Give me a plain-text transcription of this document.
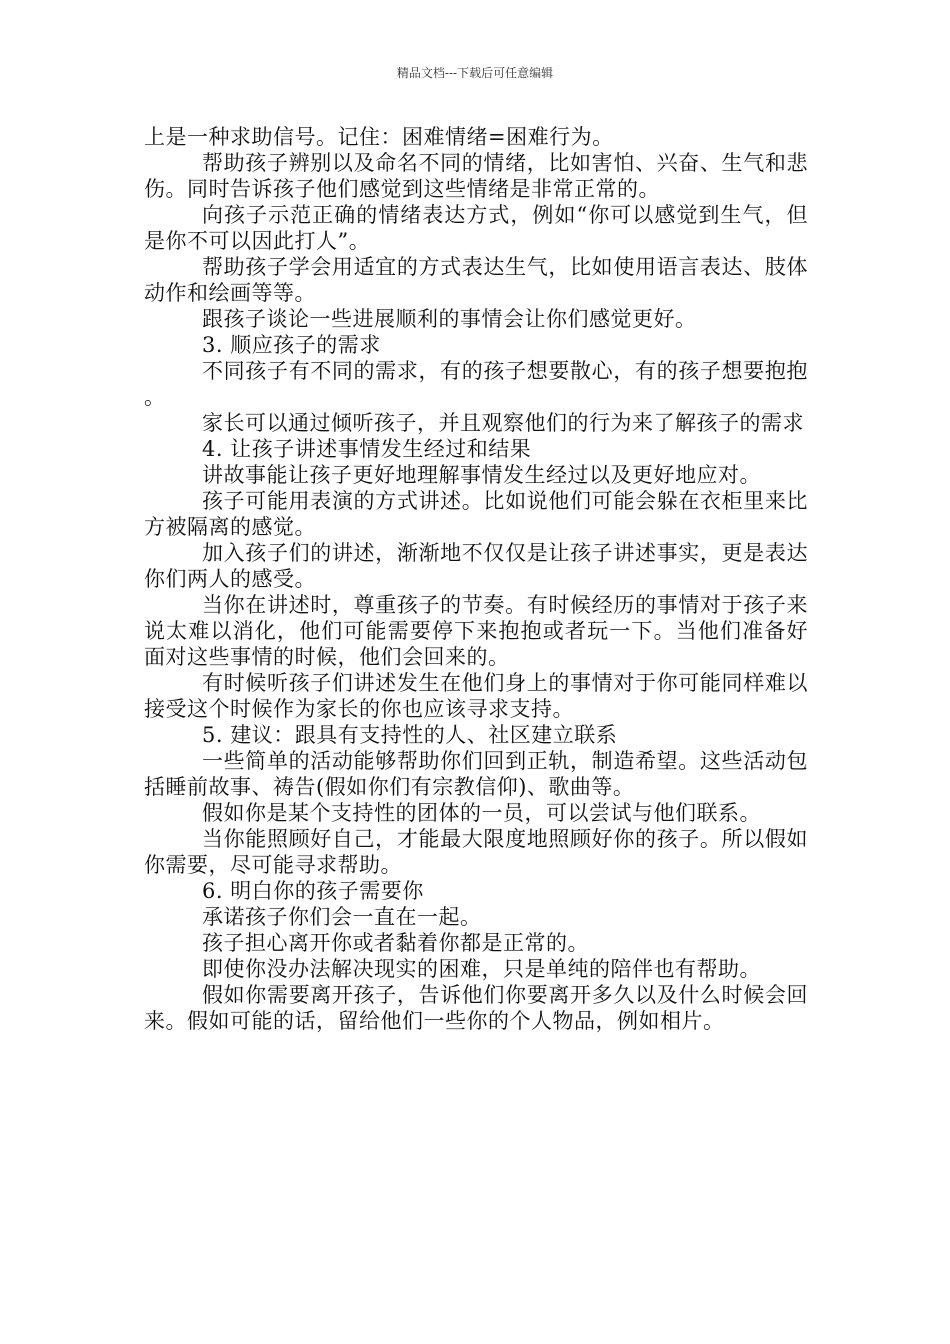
精品文档---下载后可任意编辑

上是一种求助信号。记住：困难情绪=困难行为。

帮助孩子辨别以及命名不同的情绪，比如害怕、兴奋、生气和悲伤。同时告诉孩子他们感觉到这些情绪是非常正常的。

向孩子示范正确的情绪表达方式，例如“你可以感觉到生气，但是你不可以因此打人”。

帮助孩子学会用适宜的方式表达生气，比如使用语言表达、肢体动作和绘画等等。

跟孩子谈论一些进展顺利的事情会让你们感觉更好。

3. 顺应孩子的需求

不同孩子有不同的需求，有的孩子想要散心，有的孩子想要抱抱 。

家长可以通过倾听孩子，并且观察他们的行为来了解孩子的需求

4. 让孩子讲述事情发生经过和结果

讲故事能让孩子更好地理解事情发生经过以及更好地应对。

孩子可能用表演的方式讲述。比如说他们可能会躲在衣柜里来比方被隔离的感觉。

加入孩子们的讲述，渐渐地不仅仅是让孩子讲述事实，更是表达你们两人的感受。

当你在讲述时，尊重孩子的节奏。有时候经历的事情对于孩子来说太难以消化，他们可能需要停下来抱抱或者玩一下。当他们准备好面对这些事情的时候，他们会回来的。

有时候听孩子们讲述发生在他们身上的事情对于你可能同样难以接受这个时候作为家长的你也应该寻求支持。

5. 建议：跟具有支持性的人、社区建立联系

一些简单的活动能够帮助你们回到正轨，制造希望。这些活动包括睡前故事、祷告(假如你们有宗教信仰)、歌曲等。

假如你是某个支持性的团体的一员，可以尝试与他们联系。

当你能照顾好自己，才能最大限度地照顾好你的孩子。所以假如你需要，尽可能寻求帮助。

6. 明白你的孩子需要你

承诺孩子你们会一直在一起。

孩子担心离开你或者黏着你都是正常的。

即使你没办法解决现实的困难，只是单纯的陪伴也有帮助。

假如你需要离开孩子，告诉他们你要离开多久以及什么时候会回来。假如可能的话，留给他们一些你的个人物品，例如相片。
